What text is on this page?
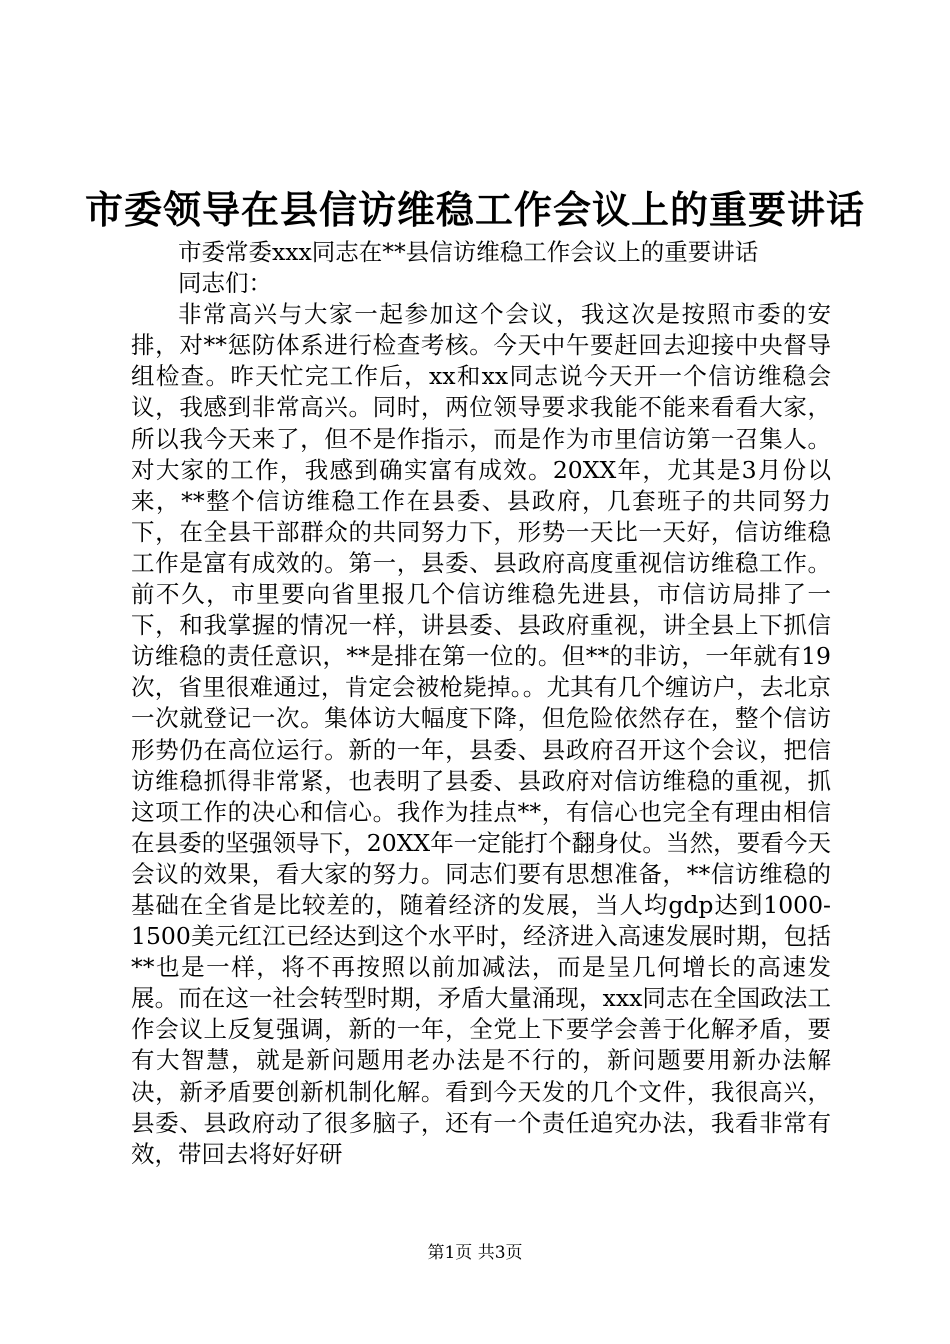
市委领导在县信访维稳工作会议上的重要讲话

市委常委xxx同志在**县信访维稳工作会议上的重要讲话

同志们：

非常高兴与大家一起参加这个会议，我这次是按照市委的安排，对**惩防体系进行检查考核。今天中午要赶回去迎接中央督导组检查。昨天忙完工作后，xx和xx同志说今天开一个信访维稳会议，我感到非常高兴。同时，两位领导要求我能不能来看看大家，所以我今天来了，但不是作指示，而是作为市里信访第一召集人。对大家的工作，我感到确实富有成效。20XX年，尤其是3月份以来，**整个信访维稳工作在县委、县政府，几套班子的共同努力下，在全县干部群众的共同努力下，形势一天比一天好，信访维稳工作是富有成效的。第一，县委、县政府高度重视信访维稳工作。前不久，市里要向省里报几个信访维稳先进县，市信访局排了一下，和我掌握的情况一样，讲县委、县政府重视，讲全县上下抓信访维稳的责任意识，**是排在第一位的。但**的非访，一年就有19次，省里很难通过，肯定会被枪毙掉。。尤其有几个缠访户，去北京一次就登记一次。集体访大幅度下降，但危险依然存在，整个信访形势仍在高位运行。新的一年，县委、县政府召开这个会议，把信访维稳抓得非常紧，也表明了县委、县政府对信访维稳的重视，抓这项工作的决心和信心。我作为挂点**，有信心也完全有理由相信在县委的坚强领导下，20XX年一定能打个翻身仗。当然，要看今天会议的效果，看大家的努力。同志们要有思想准备，**信访维稳的基础在全省是比较差的，随着经济的发展，当人均gdp达到1000-1500美元红江已经达到这个水平时，经济进入高速发展时期，包括**也是一样，将不再按照以前加减法，而是呈几何增长的高速发展。而在这一社会转型时期，矛盾大量涌现，xxx同志在全国政法工作会议上反复强调，新的一年，全党上下要学会善于化解矛盾，要有大智慧，就是新问题用老办法是不行的，新问题要用新办法解决，新矛盾要创新机制化解。看到今天发的几个文件，我很高兴，县委、县政府动了很多脑子，还有一个责任追究办法，我看非常有效，带回去将好好研

第1页 共3页
